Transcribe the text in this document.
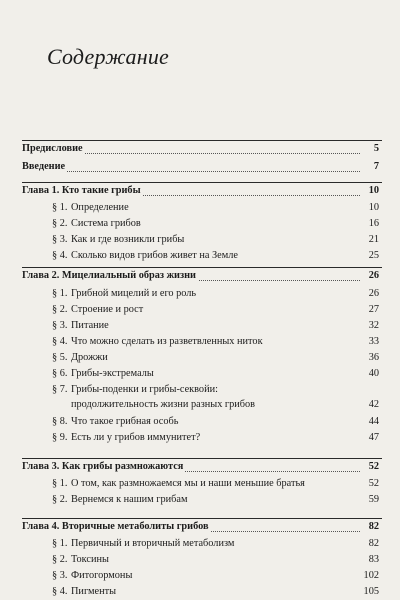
Содержание
Предисловие	5
Введение	7
Глава 1. Кто такие грибы	10
§ 1. Определение	10
§ 2. Система грибов	16
§ 3. Как и где возникли грибы	21
§ 4. Сколько видов грибов живет на Земле	25
Глава 2. Мицелиальный образ жизни	26
§ 1. Грибной мицелий и его роль	26
§ 2. Строение и рост	27
§ 3. Питание	32
§ 4. Что можно сделать из разветвленных ниток	33
§ 5. Дрожжи	36
§ 6. Грибы-экстремалы	40
§ 7. Грибы-поденки и грибы-секвойи:
продолжительность жизни разных грибов	42
§ 8. Что такое грибная особь	44
§ 9. Есть ли у грибов иммунитет?	47
Глава 3. Как грибы размножаются	52
§ 1. О том, как размножаемся мы и наши меньшие братья	52
§ 2. Вернемся к нашим грибам	59
Глава 4. Вторичные метаболиты грибов	82
§ 1. Первичный и вторичный метаболизм	82
§ 2. Токсины	83
§ 3. Фитогормоны	102
§ 4. Пигменты	105
